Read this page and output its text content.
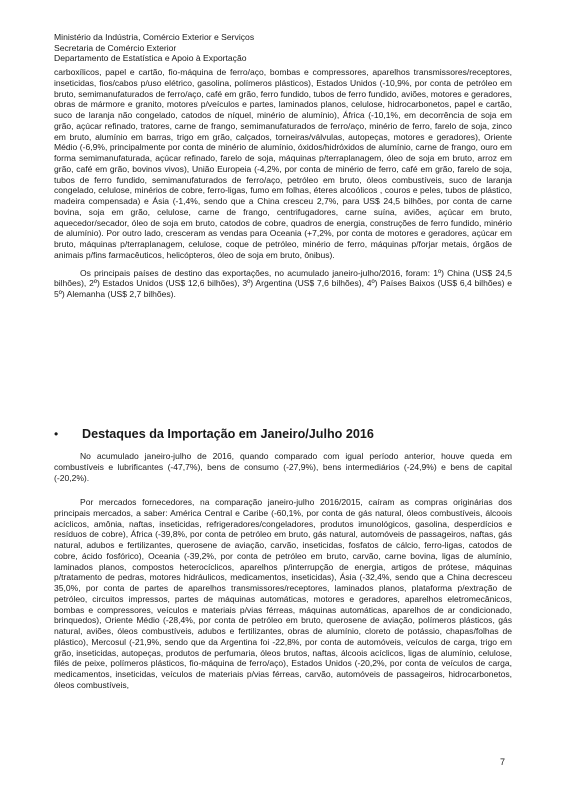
Ministério da Indústria, Comércio Exterior e Serviços
Secretaria de Comércio Exterior
Departamento de Estatística e Apoio à Exportação

carboxílicos, papel e cartão, fio-máquina de ferro/aço, bombas e compressores, aparelhos transmissores/receptores, inseticidas, fios/cabos p/uso elétrico, gasolina, polímeros plásticos), Estados Unidos (-10,9%, por conta de petróleo em bruto, semimanufaturados de ferro/aço, café em grão, ferro fundido, tubos de ferro fundido, aviões, motores e geradores, obras de mármore e granito, motores p/veículos e partes, laminados planos, celulose, hidrocarbonetos, papel e cartão, suco de laranja não congelado, catodos de níquel, minério de alumínio), África (-10,1%, em decorrência de soja em grão, açúcar refinado, tratores, carne de frango, semimanufaturados de ferro/aço, minério de ferro, farelo de soja, zinco em bruto, alumínio em barras, trigo em grão, calçados, torneiras/válvulas, autopeças, motores e geradores), Oriente Médio (-6,9%, principalmente por conta de minério de alumínio, óxidos/hidróxidos de alumínio, carne de frango, ouro em forma semimanufaturada, açúcar refinado, farelo de soja, máquinas p/terraplanagem, óleo de soja em bruto, arroz em grão, café em grão, bovinos vivos), União Europeia (-4,2%, por conta de minério de ferro, café em grão, farelo de soja, tubos de ferro fundido, semimanufaturados de ferro/aço, petróleo em bruto, óleos combustíveis, suco de laranja congelado, celulose, minérios de cobre, ferro-ligas, fumo em folhas, éteres alcoólicos , couros e peles, tubos de plástico, madeira compensada) e Ásia (-1,4%, sendo que a China cresceu 2,7%, para US$ 24,5 bilhões, por conta de carne bovina, soja em grão, celulose, carne de frango, centrifugadores, carne suína, aviões, açúcar em bruto, aquecedor/secador, óleo de soja em bruto, catodos de cobre, quadros de energia, construções de ferro fundido, minério de alumínio). Por outro lado, cresceram as vendas para Oceania (+7,2%, por conta de motores e geradores, açúcar em bruto, máquinas p/terraplanagem, celulose, coque de petróleo, minério de ferro, máquinas p/forjar metais, órgãos de animais p/fins farmacêuticos, helicópteros, óleo de soja em bruto, ônibus).

Os principais países de destino das exportações, no acumulado janeiro-julho/2016, foram: 1º) China (US$ 24,5 bilhões), 2º) Estados Unidos (US$ 12,6 bilhões), 3º) Argentina (US$ 7,6 bilhões), 4º) Países Baixos (US$ 6,4 bilhões) e 5º) Alemanha (US$ 2,7 bilhões).

•	Destaques da Importação em Janeiro/Julho 2016

No acumulado janeiro-julho de 2016, quando comparado com igual período anterior, houve queda em combustíveis e lubrificantes (-47,7%), bens de consumo (-27,9%), bens intermediários (-24,9%) e bens de capital (-20,2%).

Por mercados fornecedores, na comparação janeiro-julho 2016/2015, caíram as compras originárias dos principais mercados, a saber: América Central e Caribe (-60,1%, por conta de gás natural, óleos combustíveis, álcoois acíclicos, amônia, naftas, inseticidas, refrigeradores/congeladores, produtos imunológicos, gasolina, desperdícios e resíduos de cobre), África (-39,8%, por conta de petróleo em bruto, gás natural, automóveis de passageiros, naftas, gás natural, adubos e fertilizantes, querosene de aviação, carvão, inseticidas, fosfatos de cálcio, ferro-ligas, catodos de cobre, ácido fosfórico), Oceania (-39,2%, por conta de petróleo em bruto, carvão, carne bovina, ligas de alumínio, laminados planos, compostos heterocíclicos, aparelhos p/interrupção de energia, artigos de prótese, máquinas p/tratamento de pedras, motores hidráulicos, medicamentos, inseticidas), Ásia (-32,4%, sendo que a China decresceu 35,0%, por conta de partes de aparelhos transmissores/receptores, laminados planos, plataforma p/extração de petróleo, circuitos impressos, partes de máquinas automáticas, motores e geradores, aparelhos eletromecânicos, bombas e compressores, veículos e materiais p/vias férreas, máquinas automáticas, aparelhos de ar condicionado, brinquedos), Oriente Médio (-28,4%, por conta de petróleo em bruto, querosene de aviação, polímeros plásticos, gás natural, aviões, óleos combustíveis, adubos e fertilizantes, obras de alumínio, cloreto de potássio, chapas/folhas de plástico), Mercosul (-21,9%, sendo que da Argentina foi -22,8%, por conta de automóveis, veículos de carga, trigo em grão, inseticidas, autopeças, produtos de perfumaria, óleos brutos, naftas, álcoois acíclicos, ligas de alumínio, celulose, filés de peixe, polímeros plásticos, fio-máquina de ferro/aço), Estados Unidos (-20,2%, por conta de veículos de carga, medicamentos, inseticidas, veículos de materiais p/vias férreas, carvão, automóveis de passageiros, hidrocarbonetos, óleos combustíveis,

7
